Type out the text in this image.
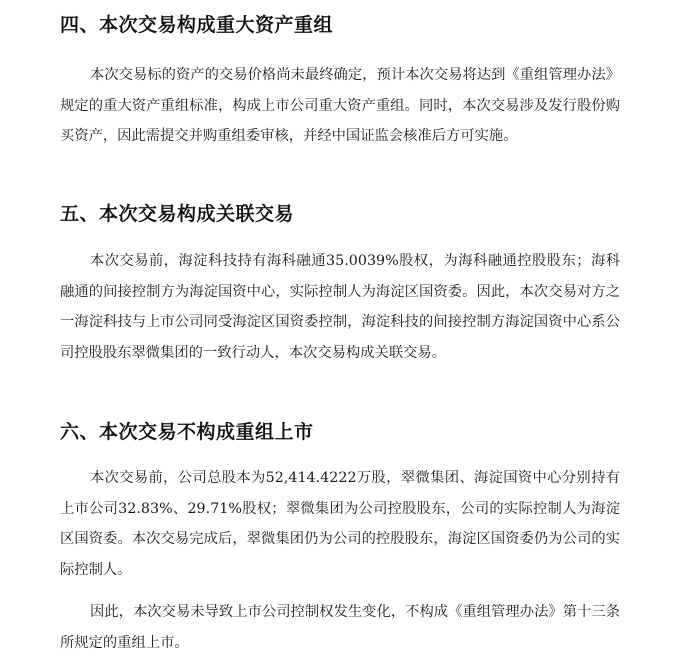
四、本次交易构成重大资产重组

本次交易标的资产的交易价格尚未最终确定，预计本次交易将达到《重组管理办法》规定的重大资产重组标准，构成上市公司重大资产重组。同时，本次交易涉及发行股份购买资产，因此需提交并购重组委审核，并经中国证监会核准后方可实施。

五、本次交易构成关联交易

本次交易前，海淀科技持有海科融通35.0039%股权，为海科融通控股股东；海科融通的间接控制方为海淀国资中心，实际控制人为海淀区国资委。因此，本次交易对方之一海淀科技与上市公司同受海淀区国资委控制，海淀科技的间接控制方海淀国资中心系公司控股股东翠微集团的一致行动人，本次交易构成关联交易。

六、本次交易不构成重组上市

本次交易前，公司总股本为52,414.4222万股，翠微集团、海淀国资中心分别持有上市公司32.83%、29.71%股权；翠微集团为公司控股股东，公司的实际控制人为海淀区国资委。本次交易完成后，翠微集团仍为公司的控股股东，海淀区国资委仍为公司的实际控制人。

因此，本次交易未导致上市公司控制权发生变化，不构成《重组管理办法》第十三条所规定的重组上市。
